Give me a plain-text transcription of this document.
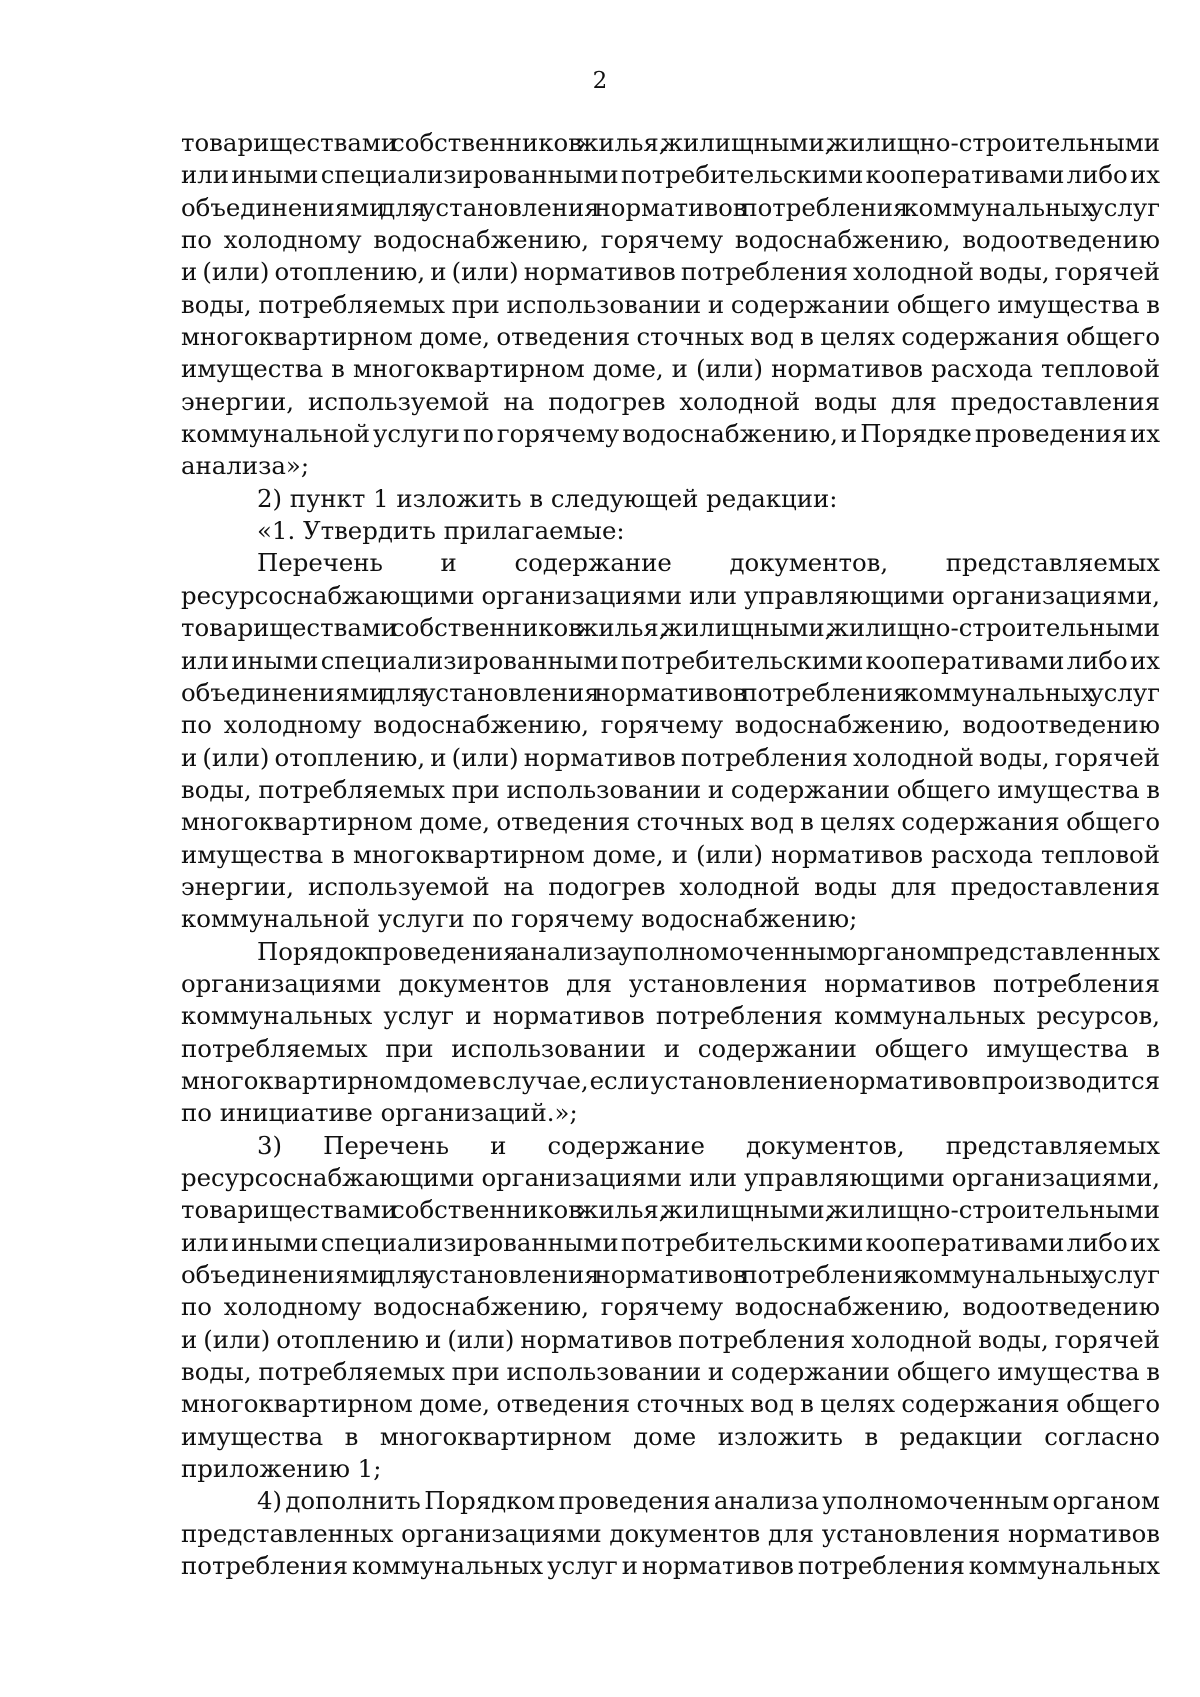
2
товариществами собственников жилья, жилищными, жилищно-строительными
или иными специализированными потребительскими кооперативами либо их
объединениями для установления нормативов потребления коммунальных услуг
по холодному водоснабжению, горячему водоснабжению, водоотведению
и (или) отоплению, и (или) нормативов потребления холодной воды, горячей
воды, потребляемых при использовании и содержании общего имущества в
многоквартирном доме, отведения сточных вод в целях содержания общего
имущества в многоквартирном доме, и (или) нормативов расхода тепловой
энергии, используемой на подогрев холодной воды для предоставления
коммунальной услуги по горячему водоснабжению, и Порядке проведения их
анализа»;
2) пункт 1 изложить в следующей редакции:
«1. Утвердить прилагаемые:
Перечень и содержание документов, представляемых
ресурсоснабжающими организациями или управляющими организациями,
товариществами собственников жилья, жилищными, жилищно-строительными
или иными специализированными потребительскими кооперативами либо их
объединениями для установления нормативов потребления коммунальных услуг
по холодному водоснабжению, горячему водоснабжению, водоотведению
и (или) отоплению, и (или) нормативов потребления холодной воды, горячей
воды, потребляемых при использовании и содержании общего имущества в
многоквартирном доме, отведения сточных вод в целях содержания общего
имущества в многоквартирном доме, и (или) нормативов расхода тепловой
энергии, используемой на подогрев холодной воды для предоставления
коммунальной услуги по горячему водоснабжению;
Порядок проведения анализа уполномоченным органом представленных
организациями документов для установления нормативов потребления
коммунальных услуг и нормативов потребления коммунальных ресурсов,
потребляемых при использовании и содержании общего имущества в
многоквартирном доме в случае, если установление нормативов производится
по инициативе организаций.»;
3) Перечень и содержание документов, представляемых
ресурсоснабжающими организациями или управляющими организациями,
товариществами собственников жилья, жилищными, жилищно-строительными
или иными специализированными потребительскими кооперативами либо их
объединениями для установления нормативов потребления коммунальных услуг
по холодному водоснабжению, горячему водоснабжению, водоотведению
и (или) отоплению и (или) нормативов потребления холодной воды, горячей
воды, потребляемых при использовании и содержании общего имущества в
многоквартирном доме, отведения сточных вод в целях содержания общего
имущества в многоквартирном доме изложить в редакции согласно
приложению 1;
4) дополнить Порядком проведения анализа уполномоченным органом
представленных организациями документов для установления нормативов
потребления коммунальных услуг и нормативов потребления коммунальных
